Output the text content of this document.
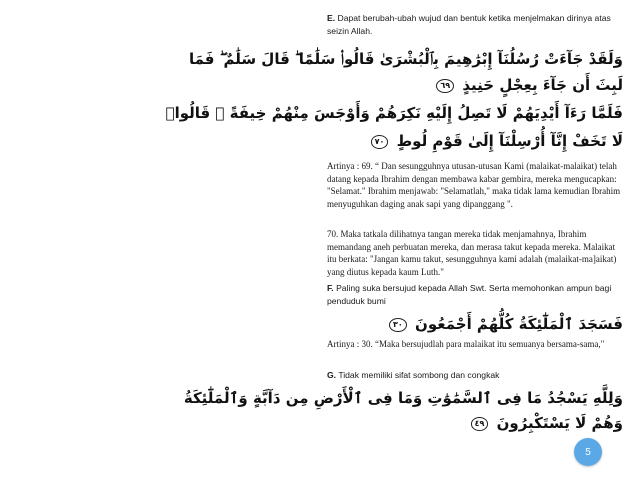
E. Dapat berubah-ubah wujud dan bentuk ketika menjelmakan dirinya atas seizin Allah.
وَلَقَدْ جَآءَتْ رُسُلُنَآ إِبْرَٰهِيمَ بِٱلْبُشْرَىٰ قَالُوا۟ سَلَٰمًا ۖ قَالَ سَلَٰمٌ ۖ فَمَا
لَبِثَ أَن جَآءَ بِعِجْلٍ حَنِيذٍ ٦٩
فَلَمَّا رَءَآ أَيْدِيَهُمْ لَا تَصِلُ إِلَيْهِ نَكِرَهُمْ وَأَوْجَسَ مِنْهُمْ خِيفَةً ۚ قَالُوا۟
لَا تَخَفْ إِنَّآ أُرْسِلْنَآ إِلَىٰ قَوْمِ لُوطٍ ٧٠
Artinya : 69. “ Dan sesungguhnya utusan-utusan Kami (malaikat-malaikat) telah datang kepada Ibrahim dengan membawa kabar gembira, mereka mengucapkan: "Selamat." Ibrahim menjawab: "Selamatlah," maka tidak lama kemudian Ibrahim menyuguhkan daging anak sapi yang dipanggang ".
70. Maka tatkala dilihatnya tangan mereka tidak menjamahnya, Ibrahim memandang aneh perbuatan mereka, dan merasa takut kepada mereka. Malaikat itu berkata: "Jangan kamu takut, sesungguhnya kami adalah (malaikat-ma]aikat) yang diutus kepada kaum Luth."
F. Paling suka bersujud kepada Allah Swt. Serta memohonkan ampun bagi penduduk bumi
فَسَجَدَ ٱلْمَلَٰٓئِكَةُ كُلُّهُمْ أَجْمَعُونَ ٣٠
Artinya : 30. “Maka bersujudlah para malaikat itu semuanya bersama-sama,"
G. Tidak memiliki sifat sombong dan congkak
وَلِلَّهِ يَسْجُدُ مَا فِى ٱلسَّمَٰوَٰتِ وَمَا فِى ٱلْأَرْضِ مِن دَآبَّةٍ وَٱلْمَلَٰٓئِكَةُ
وَهُمْ لَا يَسْتَكْبِرُونَ ٤٩
5
